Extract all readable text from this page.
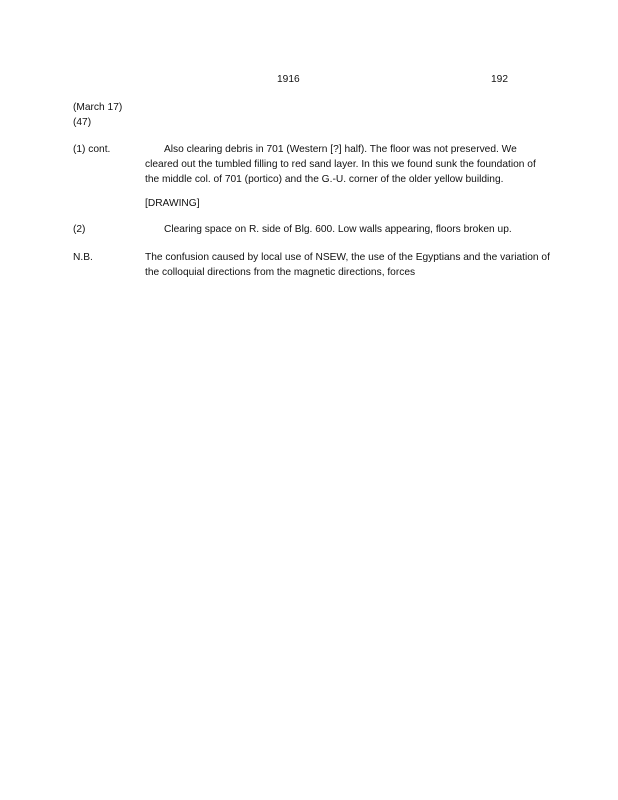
1916	192
(March 17)
(47)
(1) cont.	Also clearing debris in 701 (Western [?] half). The floor was not preserved. We

cleared out the tumbled filling to red sand layer. In this we found sunk the foundation of

the middle col. of 701 (portico) and the G.-U. corner of the older yellow building.

[DRAWING]

(2)	Clearing space on R. side of Blg. 600. Low walls appearing, floors broken up.

N.B.	The confusion caused by local use of NSEW, the use of the Egyptians and the variation of

the colloquial directions from the magnetic directions, forces
